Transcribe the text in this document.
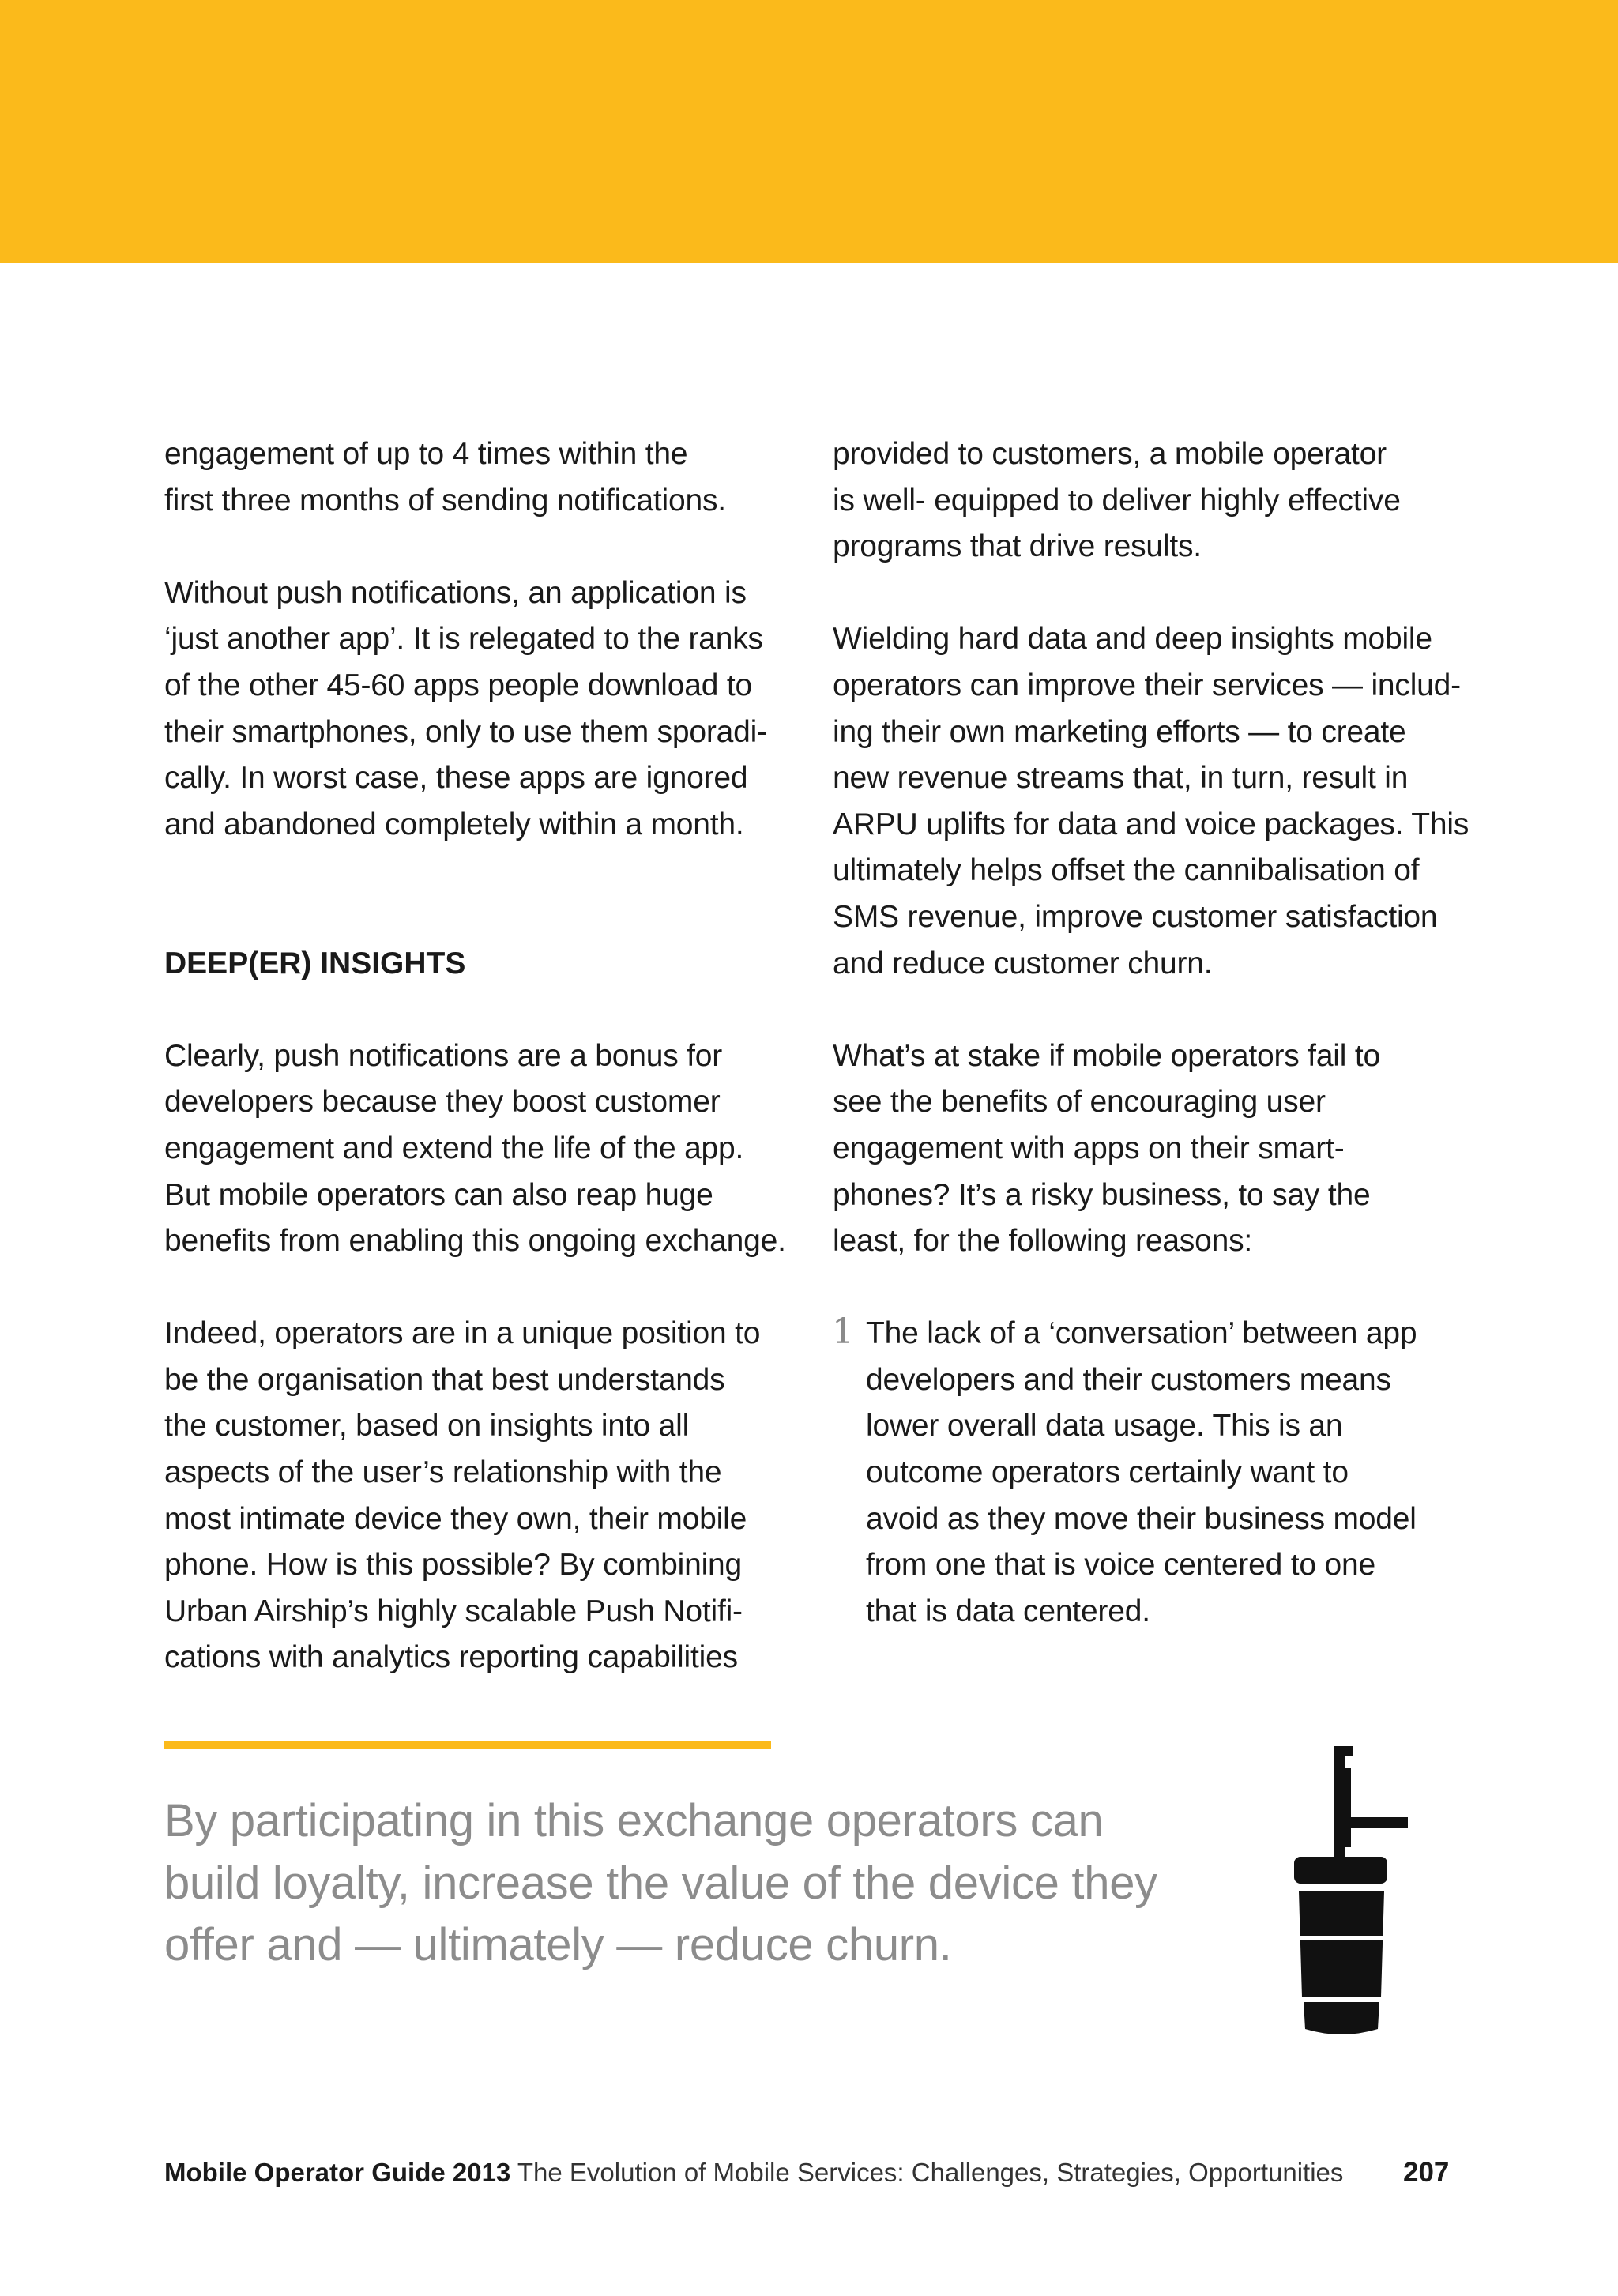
engagement of up to 4 times within the
first three months of sending notifications.

Without push notifications, an application is
‘just another app’. It is relegated to the ranks
of the other 45-60 apps people download to
their smartphones, only to use them sporadi-
cally. In worst case, these apps are ignored
and abandoned completely within a month.

DEEP(ER) INSIGHTS

Clearly, push notifications are a bonus for
developers because they boost customer
engagement and extend the life of the app.
But mobile operators can also reap huge
benefits from enabling this ongoing exchange.

Indeed, operators are in a unique position to
be the organisation that best understands
the customer, based on insights into all
aspects of the user’s relationship with the
most intimate device they own, their mobile
phone. How is this possible? By combining
Urban Airship’s highly scalable Push Notifi-
cations with analytics reporting capabilities

provided to customers, a mobile operator
is well- equipped to deliver highly effective
programs that drive results.

Wielding hard data and deep insights mobile
operators can improve their services — includ-
ing their own marketing efforts — to create
new revenue streams that, in turn, result in
ARPU uplifts for data and voice packages. This
ultimately helps offset the cannibalisation of
SMS revenue, improve customer satisfaction
and reduce customer churn.

What’s at stake if mobile operators fail to
see the benefits of encouraging user
engagement with apps on their smart-
phones? It’s a risky business, to say the
least, for the following reasons:

1 The lack of a ‘conversation’ between app
developers and their customers means
lower overall data usage. This is an
outcome operators certainly want to
avoid as they move their business model
from one that is voice centered to one
that is data centered.
By participating in this exchange operators can
build loyalty, increase the value of the device they
offer and — ultimately — reduce churn.
Mobile Operator Guide 2013 The Evolution of Mobile Services: Challenges, Strategies, Opportunities 207
